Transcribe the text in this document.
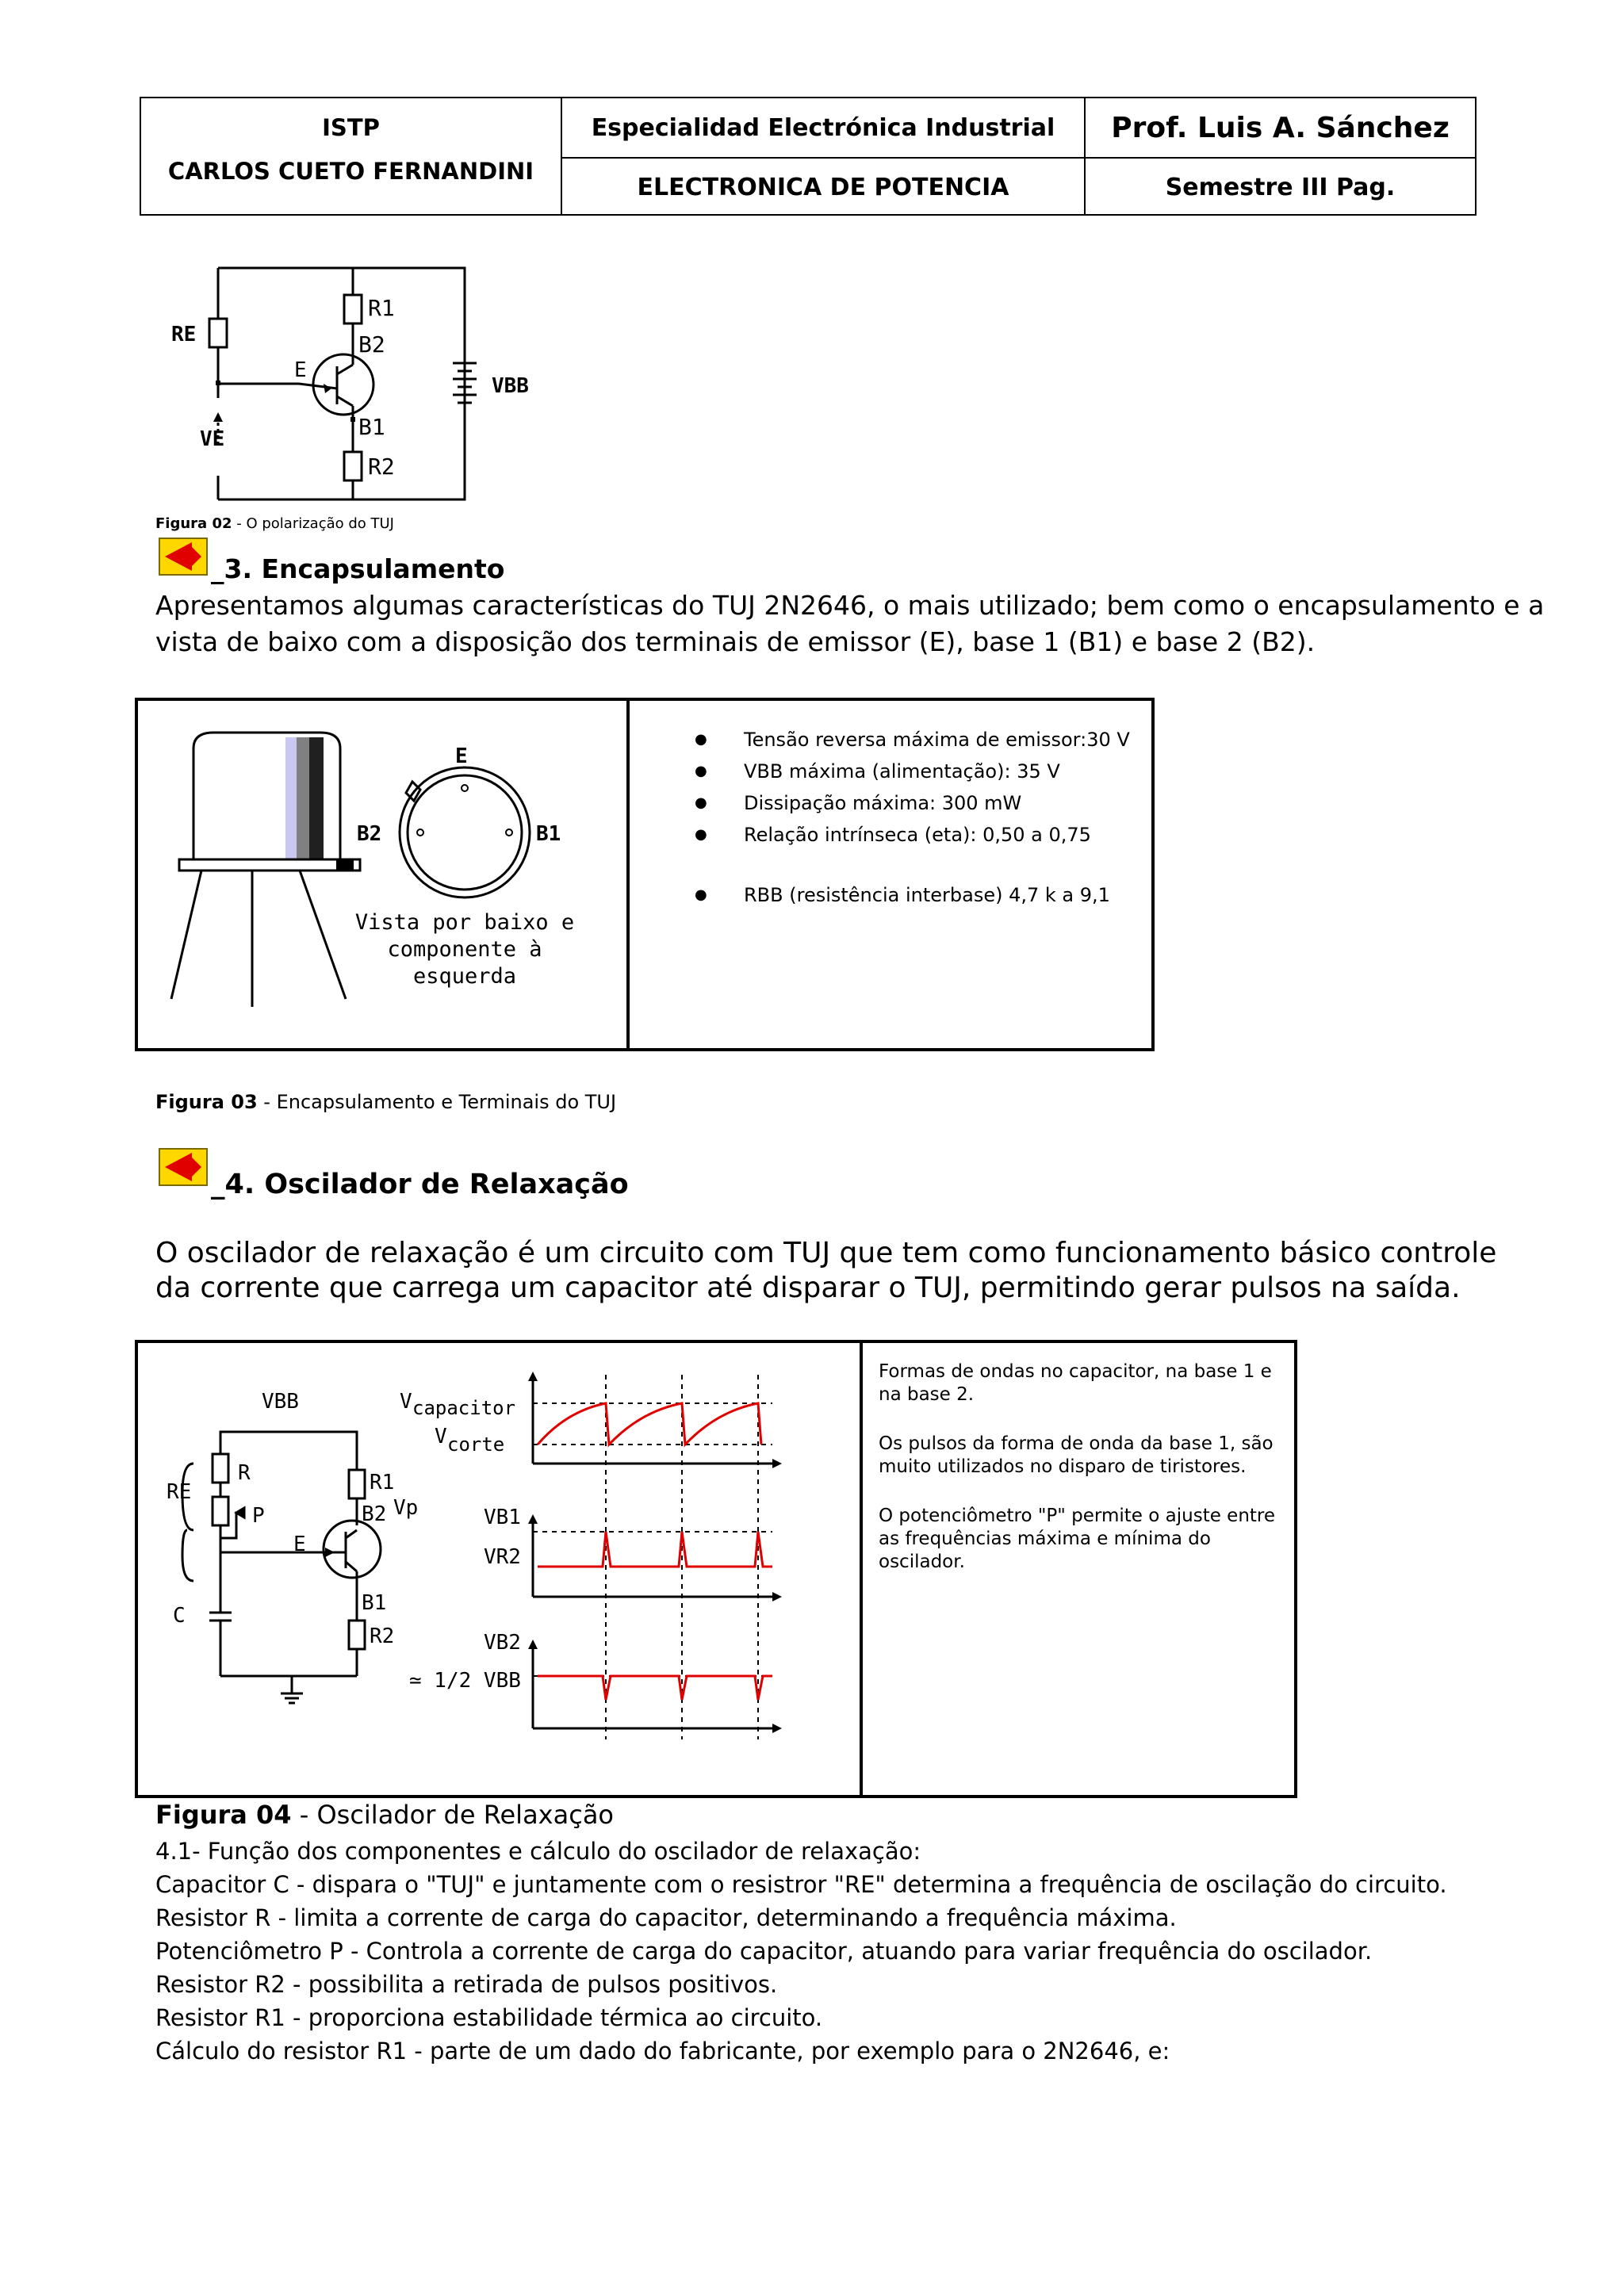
ISTP
CARLOS CUETO FERNANDINI
Especialidad Electrónica Industrial
ELECTRONICA DE POTENCIA
Prof. Luis A. Sánchez
Semestre III Pag.
RE
R1
B2
E
B1
R2
VE
VBB
Figura 02 - O polarização do TUJ
_3. Encapsulamento
Apresentamos algumas características do TUJ 2N2646, o mais utilizado; bem como o encapsulamento e a
vista de baixo com a disposição dos terminais de emissor (E), base 1 (B1) e base 2 (B2).
E
B2	B1
Vista por baixo e
componente à
esquerda
● Tensão reversa máxima de emissor:30 V
● VBB máxima (alimentação): 35 V
● Dissipação máxima: 300 mW
● Relação intrínseca (eta): 0,50 a 0,75
● RBB (resistência interbase) 4,7 k a 9,1
Figura 03 - Encapsulamento e Terminais do TUJ
_4. Oscilador de Relaxação
O oscilador de relaxação é um circuito com TUJ que tem como funcionamento básico controle
da corrente que carrega um capacitor até disparar o TUJ, permitindo gerar pulsos na saída.
VBB
R
RE
P
R1
B2 Vp
E
C
B1
R2
V capacitor
V corte
VB1
VR2
VB2
≃ 1/2 VBB
Formas de ondas no capacitor, na base 1 e na base 2.
Os pulsos da forma de onda da base 1, são muito utilizados no disparo de tiristores.
O potenciômetro "P" permite o ajuste entre as frequências máxima e mínima do oscilador.
Figura 04 - Oscilador de Relaxação
4.1- Função dos componentes e cálculo do oscilador de relaxação:
Capacitor C - dispara o "TUJ" e juntamente com o resistror "RE" determina a frequência de oscilação do circuito.
Resistor R - limita a corrente de carga do capacitor, determinando a frequência máxima.
Potenciômetro P - Controla a corrente de carga do capacitor, atuando para variar frequência do oscilador.
Resistor R2 - possibilita a retirada de pulsos positivos.
Resistor R1 - proporciona estabilidade térmica ao circuito.
Cálculo do resistor R1 - parte de um dado do fabricante, por exemplo para o 2N2646, e:
